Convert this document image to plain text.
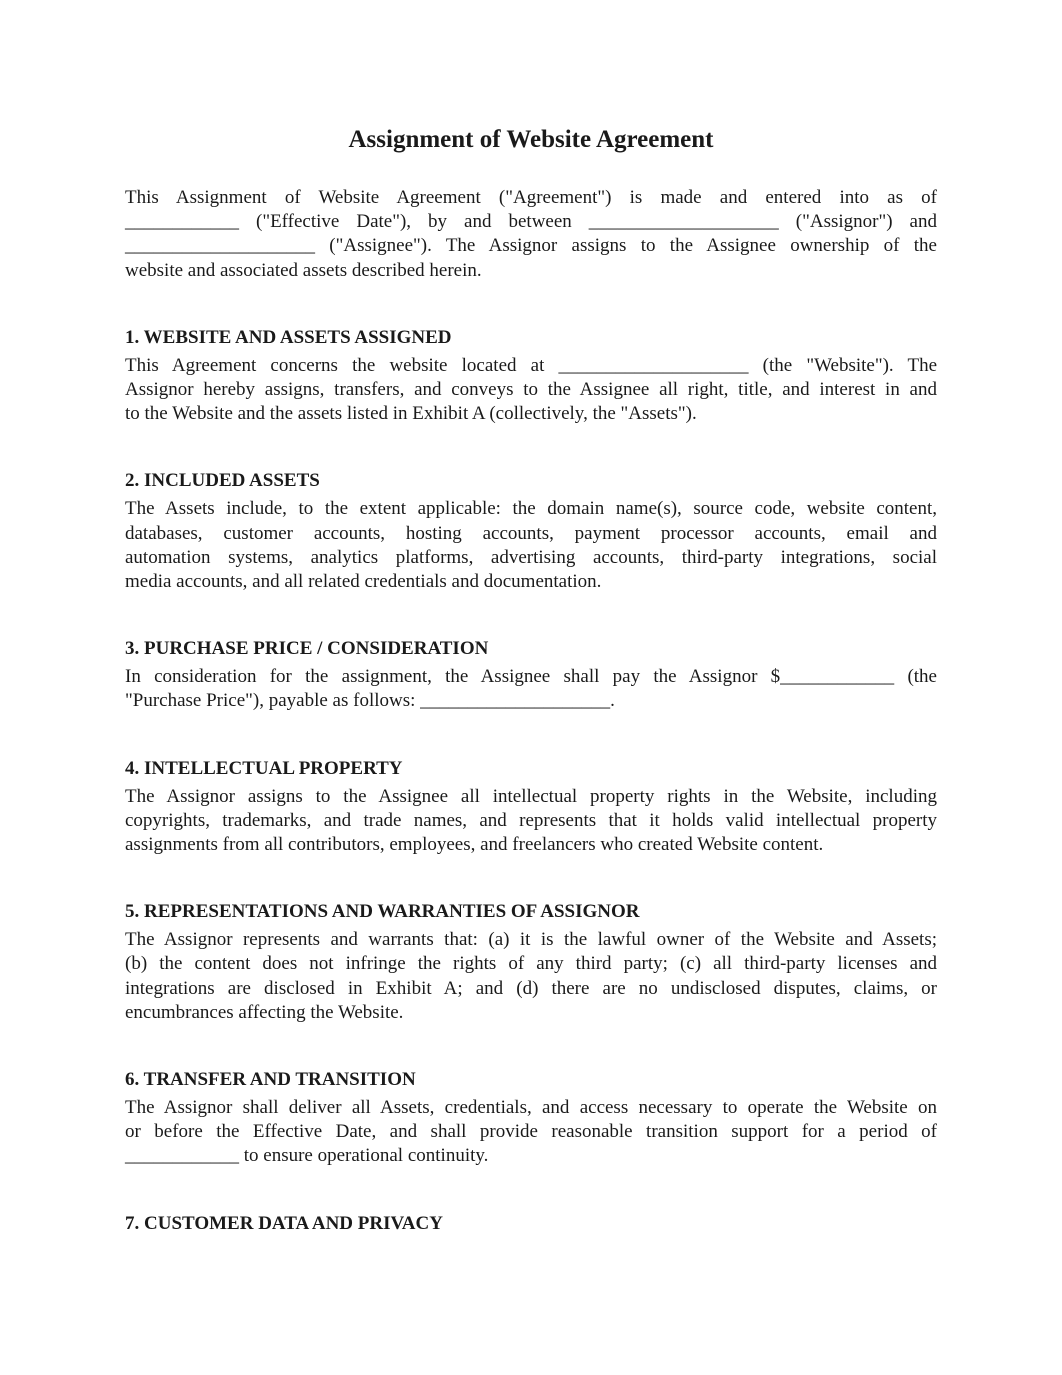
Assignment of Website Agreement
This Assignment of Website Agreement ("Agreement") is made and entered into as of
____________ ("Effective Date"), by and between ____________________ ("Assignor") and
____________________ ("Assignee"). The Assignor assigns to the Assignee ownership of the
website and associated assets described herein.
1. WEBSITE AND ASSETS ASSIGNED
This Agreement concerns the website located at ____________________ (the "Website"). The
Assignor hereby assigns, transfers, and conveys to the Assignee all right, title, and interest in and
to the Website and the assets listed in Exhibit A (collectively, the "Assets").
2. INCLUDED ASSETS
The Assets include, to the extent applicable: the domain name(s), source code, website content,
databases, customer accounts, hosting accounts, payment processor accounts, email and
automation systems, analytics platforms, advertising accounts, third-party integrations, social
media accounts, and all related credentials and documentation.
3. PURCHASE PRICE / CONSIDERATION
In consideration for the assignment, the Assignee shall pay the Assignor $____________ (the
"Purchase Price"), payable as follows: ____________________.
4. INTELLECTUAL PROPERTY
The Assignor assigns to the Assignee all intellectual property rights in the Website, including
copyrights, trademarks, and trade names, and represents that it holds valid intellectual property
assignments from all contributors, employees, and freelancers who created Website content.
5. REPRESENTATIONS AND WARRANTIES OF ASSIGNOR
The Assignor represents and warrants that: (a) it is the lawful owner of the Website and Assets;
(b) the content does not infringe the rights of any third party; (c) all third-party licenses and
integrations are disclosed in Exhibit A; and (d) there are no undisclosed disputes, claims, or
encumbrances affecting the Website.
6. TRANSFER AND TRANSITION
The Assignor shall deliver all Assets, credentials, and access necessary to operate the Website on
or before the Effective Date, and shall provide reasonable transition support for a period of
____________ to ensure operational continuity.
7. CUSTOMER DATA AND PRIVACY
